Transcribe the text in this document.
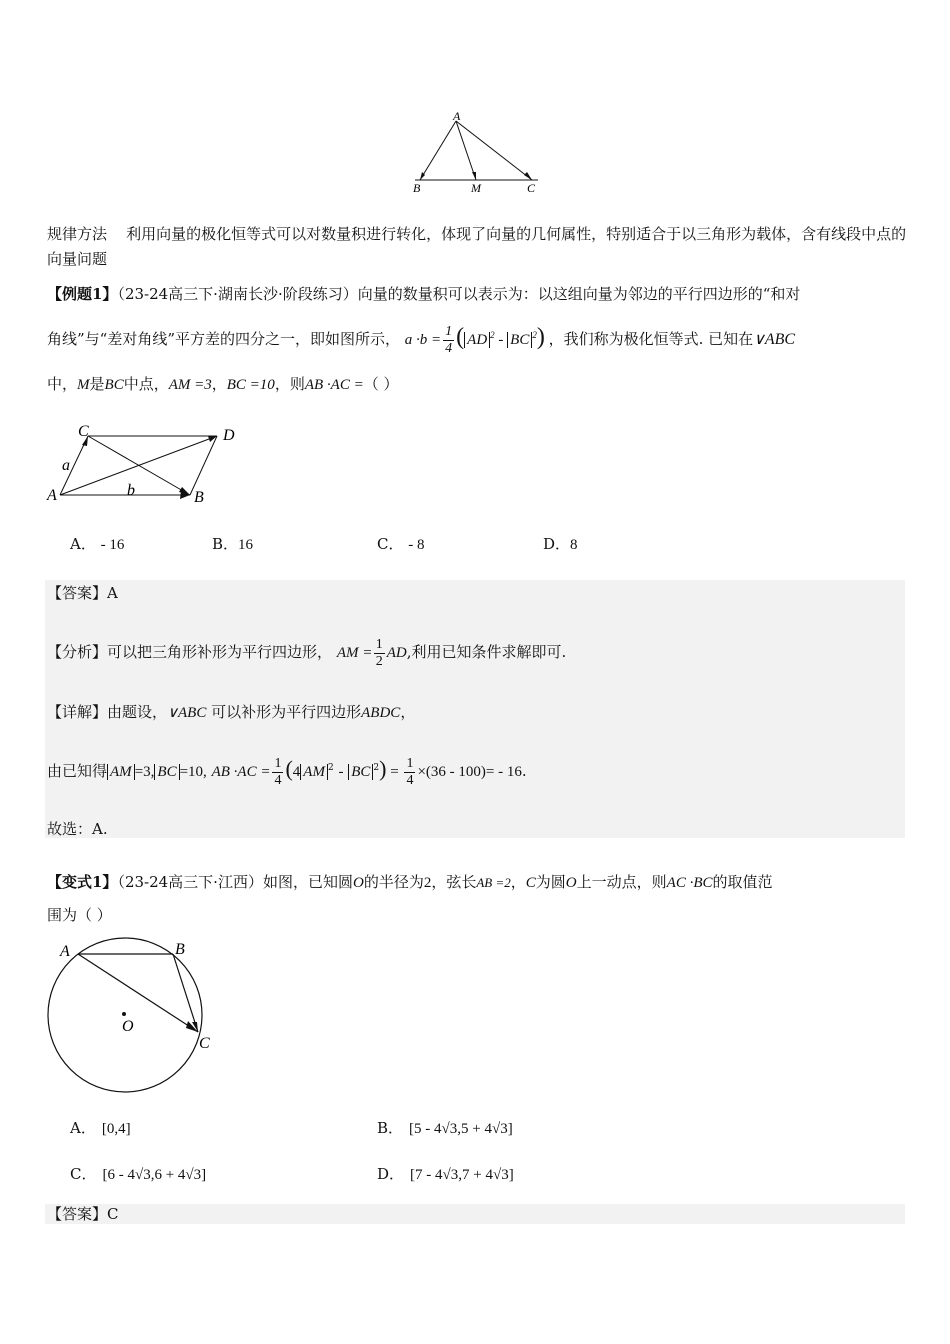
A
B	M	C
规律方法 利用向量的极化恒等式可以对数量积进行转化，体现了向量的几何属性，特别适合于以三角形为载体，含有线段中点的向量问题
【例题1】（23-24高三下·湖南长沙·阶段练习）向量的数量积可以表示为：以这组向量为邻边的平行四边形的“和对
角线”与“差对角线”平方差的四分之一，即如图所示， $a \cdot b = \frac{1}{4}$ ( AD $^2$ - BC $^2$) ，我们称为极化恒等式. 已知在∨ABC
中，M是BC中点，AM =3，BC =10，则AB ·AC =（ ）
C	D
a
A	b	B
A． - 16	B．16	C． - 8	D．8
【答案】A
【分析】可以把三角形补形为平行四边形， AM = $\frac{1}{2}$ AD,利用已知条件求解即可.
【详解】由题设，∨ABC 可以补形为平行四边形ABDC，
由已知得 AM =3, BC =10, AB $\cdot AC = \frac{1}{4} (4$ AM $^2$ - BC $^2) = \frac{1}{4} \times(36 - 100)= - 16$.
故选：A.
【变式1】（23-24高三下·江西）如图，已知圆O的半径为2，弦长AB =2，C为圆O上一动点，则AC ·BC的取值范
围为（ ）
A	B
O
C
A． [0,4]	B． [5 - 4√3,5 + 4√3]
C． [6 - 4√3,6 + 4√3]	D． [7 - 4√3,7 + 4√3]
【答案】C
